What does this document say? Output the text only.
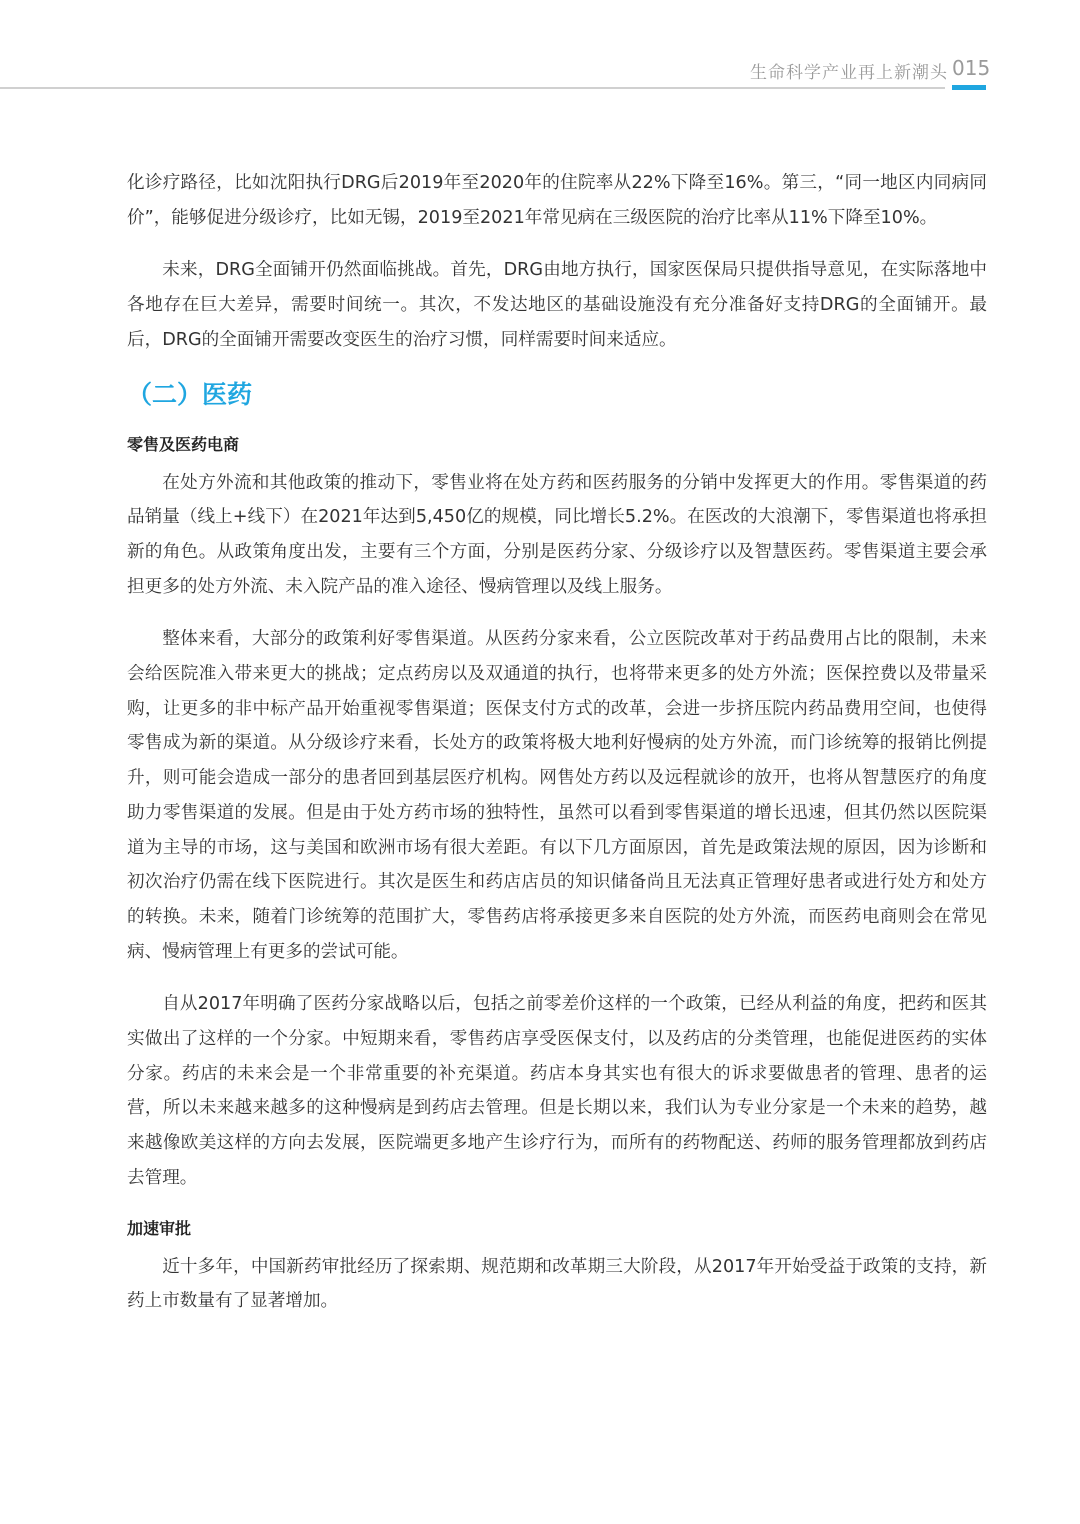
生命科学产业再上新潮头 015

化诊疗路径，比如沈阳执行DRG后2019年至2020年的住院率从22%下降至16%。第三，“同一地区内同病同价”，能够促进分级诊疗，比如无锡，2019至2021年常见病在三级医院的治疗比率从11%下降至10%。

未来，DRG全面铺开仍然面临挑战。首先，DRG由地方执行，国家医保局只提供指导意见，在实际落地中各地存在巨大差异，需要时间统一。其次，不发达地区的基础设施没有充分准备好支持DRG的全面铺开。最后，DRG的全面铺开需要改变医生的治疗习惯，同样需要时间来适应。

（二）医药
零售及医药电商

在处方外流和其他政策的推动下，零售业将在处方药和医药服务的分销中发挥更大的作用。零售渠道的药品销量（线上+线下）在2021年达到5,450亿的规模，同比增长5.2%。在医改的大浪潮下，零售渠道也将承担新的角色。从政策角度出发，主要有三个方面，分别是医药分家、分级诊疗以及智慧医药。零售渠道主要会承担更多的处方外流、未入院产品的准入途径、慢病管理以及线上服务。

整体来看，大部分的政策利好零售渠道。从医药分家来看，公立医院改革对于药品费用占比的限制，未来会给医院准入带来更大的挑战；定点药房以及双通道的执行，也将带来更多的处方外流；医保控费以及带量采购，让更多的非中标产品开始重视零售渠道；医保支付方式的改革，会进一步挤压院内药品费用空间，也使得零售成为新的渠道。从分级诊疗来看，长处方的政策将极大地利好慢病的处方外流，而门诊统筹的报销比例提升，则可能会造成一部分的患者回到基层医疗机构。网售处方药以及远程就诊的放开，也将从智慧医疗的角度助力零售渠道的发展。但是由于处方药市场的独特性，虽然可以看到零售渠道的增长迅速，但其仍然以医院渠道为主导的市场，这与美国和欧洲市场有很大差距。有以下几方面原因，首先是政策法规的原因，因为诊断和初次治疗仍需在线下医院进行。其次是医生和药店店员的知识储备尚且无法真正管理好患者或进行处方和处方的转换。未来，随着门诊统筹的范围扩大，零售药店将承接更多来自医院的处方外流，而医药电商则会在常见病、慢病管理上有更多的尝试可能。

自从2017年明确了医药分家战略以后，包括之前零差价这样的一个政策，已经从利益的角度，把药和医其实做出了这样的一个分家。中短期来看，零售药店享受医保支付，以及药店的分类管理，也能促进医药的实体分家。药店的未来会是一个非常重要的补充渠道。药店本身其实也有很大的诉求要做患者的管理、患者的运营，所以未来越来越多的这种慢病是到药店去管理。但是长期以来，我们认为专业分家是一个未来的趋势，越来越像欧美这样的方向去发展，医院端更多地产生诊疗行为，而所有的药物配送、药师的服务管理都放到药店去管理。

加速审批

近十多年，中国新药审批经历了探索期、规范期和改革期三大阶段，从2017年开始受益于政策的支持，新药上市数量有了显著增加。
